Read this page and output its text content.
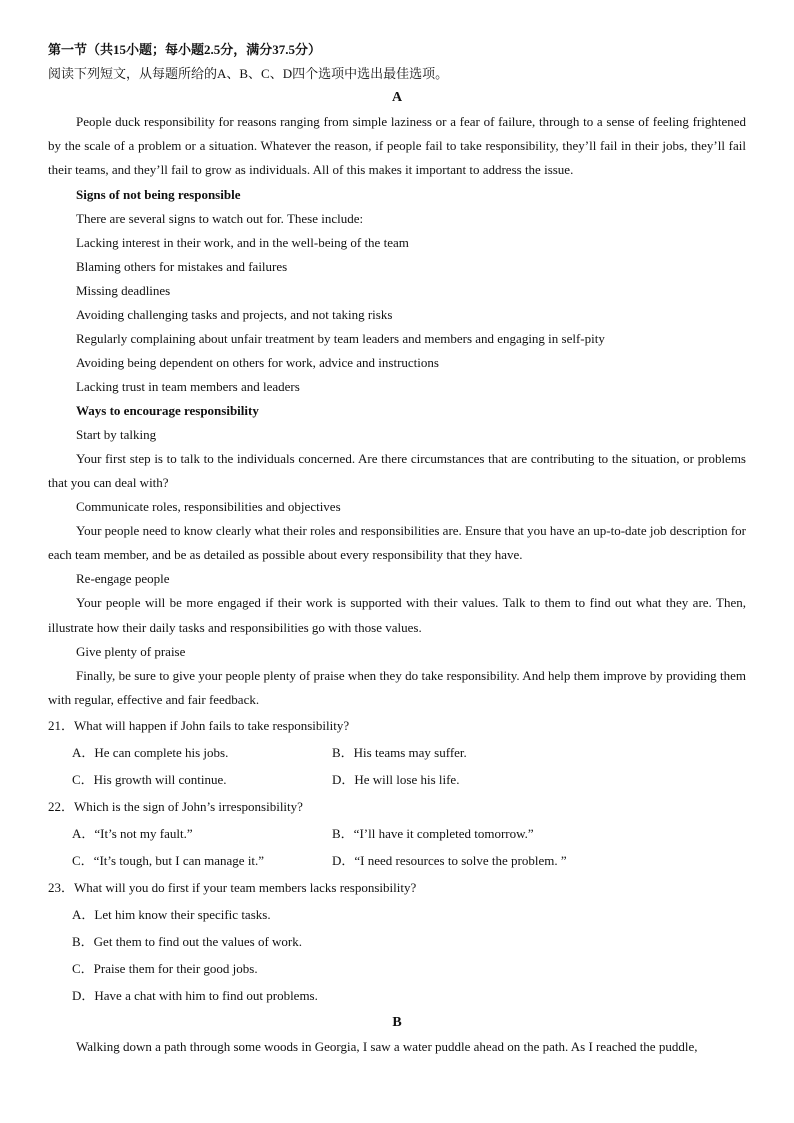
第一节（共15小题；每小题2.5分，满分37.5分）
阅读下列短文，从每题所给的A、B、C、D四个选项中选出最佳选项。
A
People duck responsibility for reasons ranging from simple laziness or a fear of failure, through to a sense of feeling frightened by the scale of a problem or a situation. Whatever the reason, if people fail to take responsibility, they’ll fail in their jobs, they’ll fail their teams, and they’ll fail to grow as individuals. All of this makes it important to address the issue.
Signs of not being responsible
There are several signs to watch out for. These include:
Lacking interest in their work, and in the well-being of the team
Blaming others for mistakes and failures
Missing deadlines
Avoiding challenging tasks and projects, and not taking risks
Regularly complaining about unfair treatment by team leaders and members and engaging in self-pity
Avoiding being dependent on others for work, advice and instructions
Lacking trust in team members and leaders
Ways to encourage responsibility
Start by talking
Your first step is to talk to the individuals concerned. Are there circumstances that are contributing to the situation, or problems that you can deal with?
Communicate roles, responsibilities and objectives
Your people need to know clearly what their roles and responsibilities are. Ensure that you have an up-to-date job description for each team member, and be as detailed as possible about every responsibility that they have.
Re-engage people
Your people will be more engaged if their work is supported with their values. Talk to them to find out what they are. Then, illustrate how their daily tasks and responsibilities go with those values.
Give plenty of praise
Finally, be sure to give your people plenty of praise when they do take responsibility. And help them improve by providing them with regular, effective and fair feedback.
21．What will happen if John fails to take responsibility?
A．He can complete his jobs.	B．His teams may suffer.
C．His growth will continue.	D．He will lose his life.
22．Which is the sign of John’s irresponsibility?
A．“It’s not my fault.”	B．“I’ll have it completed tomorrow.”
C．“It’s tough, but I can manage it.”	D．“I need resources to solve the problem. ”
23．What will you do first if your team members lacks responsibility?
A．Let him know their specific tasks.
B．Get them to find out the values of work.
C．Praise them for their good jobs.
D．Have a chat with him to find out problems.
B
Walking down a path through some woods in Georgia, I saw a water puddle ahead on the path. As I reached the puddle,
